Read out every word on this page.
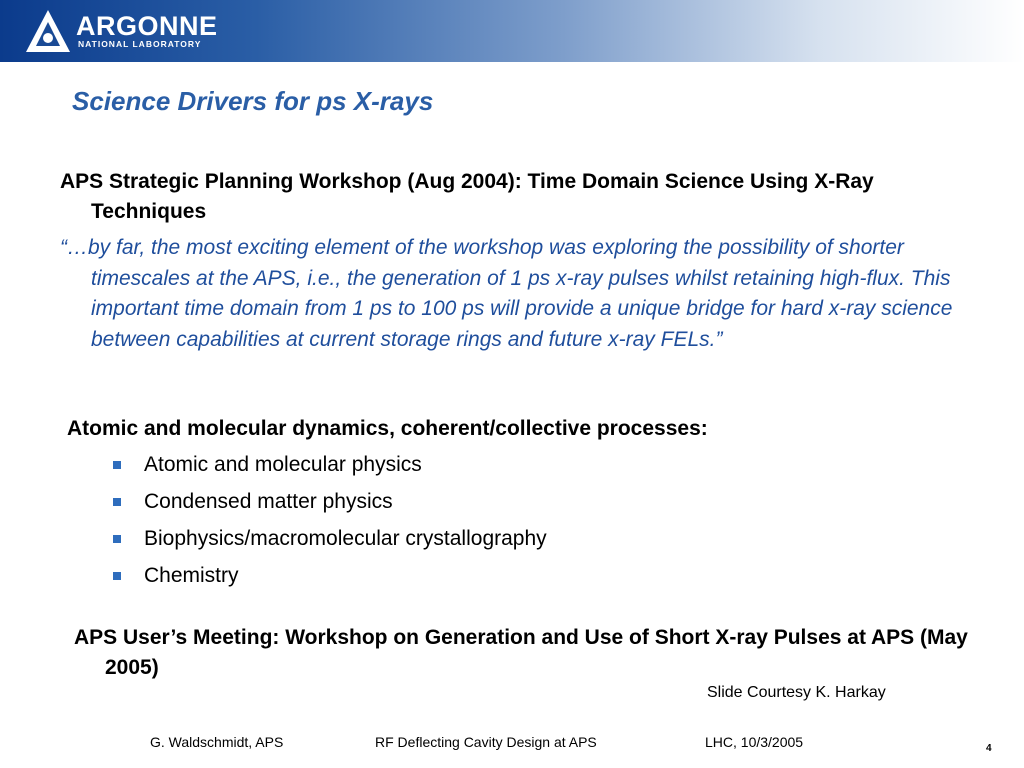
ARGONNE
NATIONAL LABORATORY
Science Drivers for ps X-rays

APS Strategic Planning Workshop (Aug 2004): Time Domain Science Using X-Ray Techniques

“…by far, the most exciting element of the workshop was exploring the possibility of shorter timescales at the APS, i.e., the generation of 1 ps x-ray pulses whilst retaining high-flux. This important time domain from 1 ps to 100 ps will provide a unique bridge for hard x-ray science between capabilities at current storage rings and future x-ray FELs.”

Atomic and molecular dynamics, coherent/collective processes:

Atomic and molecular physics
Condensed matter physics
Biophysics/macromolecular crystallography
Chemistry

APS User’s Meeting: Workshop on Generation and Use of Short X-ray Pulses at APS (May 2005)

Slide Courtesy K. Harkay
G. Waldschmidt, APS	RF Deflecting Cavity Design at APS	LHC, 10/3/2005	4
